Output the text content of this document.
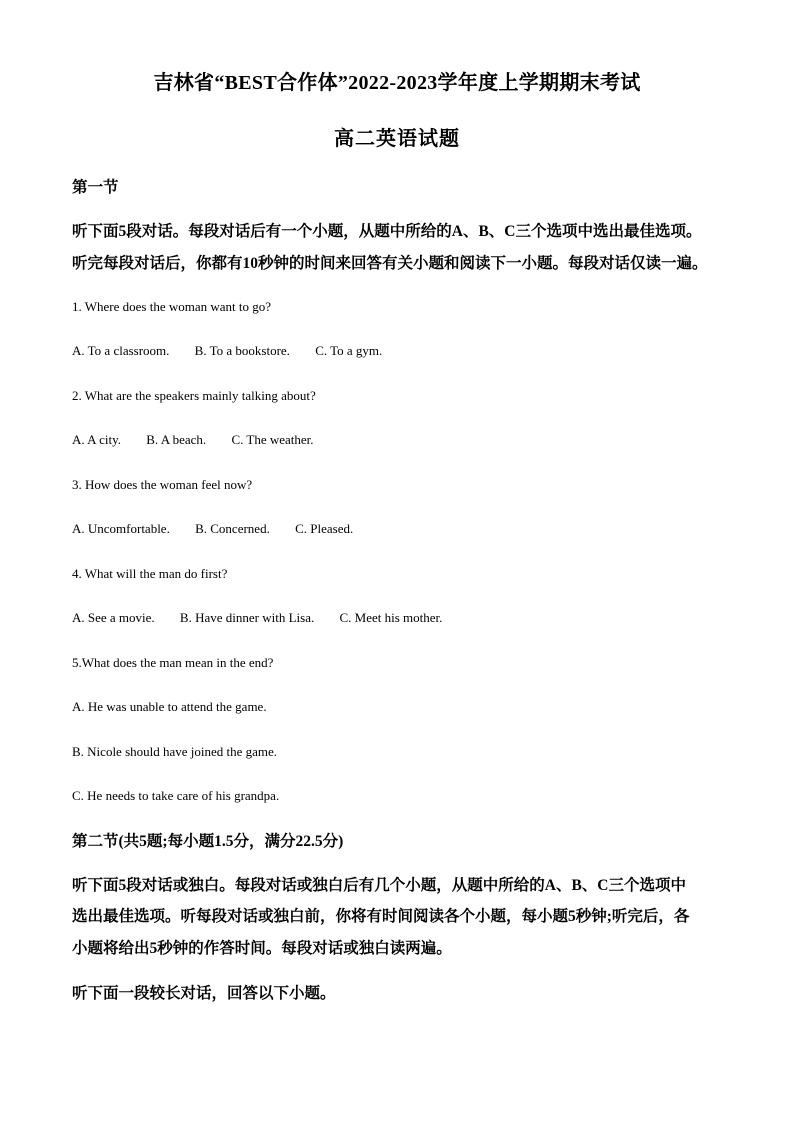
吉林省“BEST合作体”2022-2023学年度上学期期末考试
高二英语试题
第一节
听下面5段对话。每段对话后有一个小题，从题中所给的A、B、C三个选项中选出最佳选项。
听完每段对话后，你都有10秒钟的时间来回答有关小题和阅读下一小题。每段对话仅读一遍。
1. Where does the woman want to go?
A. To a classroom. B. To a bookstore. C. To a gym.
2. What are the speakers mainly talking about?
A. A city. B. A beach. C. The weather.
3. How does the woman feel now?
A. Uncomfortable. B. Concerned. C. Pleased.
4. What will the man do first?
A. See a movie. B. Have dinner with Lisa. C. Meet his mother.
5.What does the man mean in the end?
A. He was unable to attend the game.
B. Nicole should have joined the game.
C. He needs to take care of his grandpa.
第二节(共5题;每小题1.5分，满分22.5分)
听下面5段对话或独白。每段对话或独白后有几个小题，从题中所给的A、B、C三个选项中
选出最佳选项。听每段对话或独白前，你将有时间阅读各个小题，每小题5秒钟;听完后，各
小题将给出5秒钟的作答时间。每段对话或独白读两遍。
听下面一段较长对话，回答以下小题。
